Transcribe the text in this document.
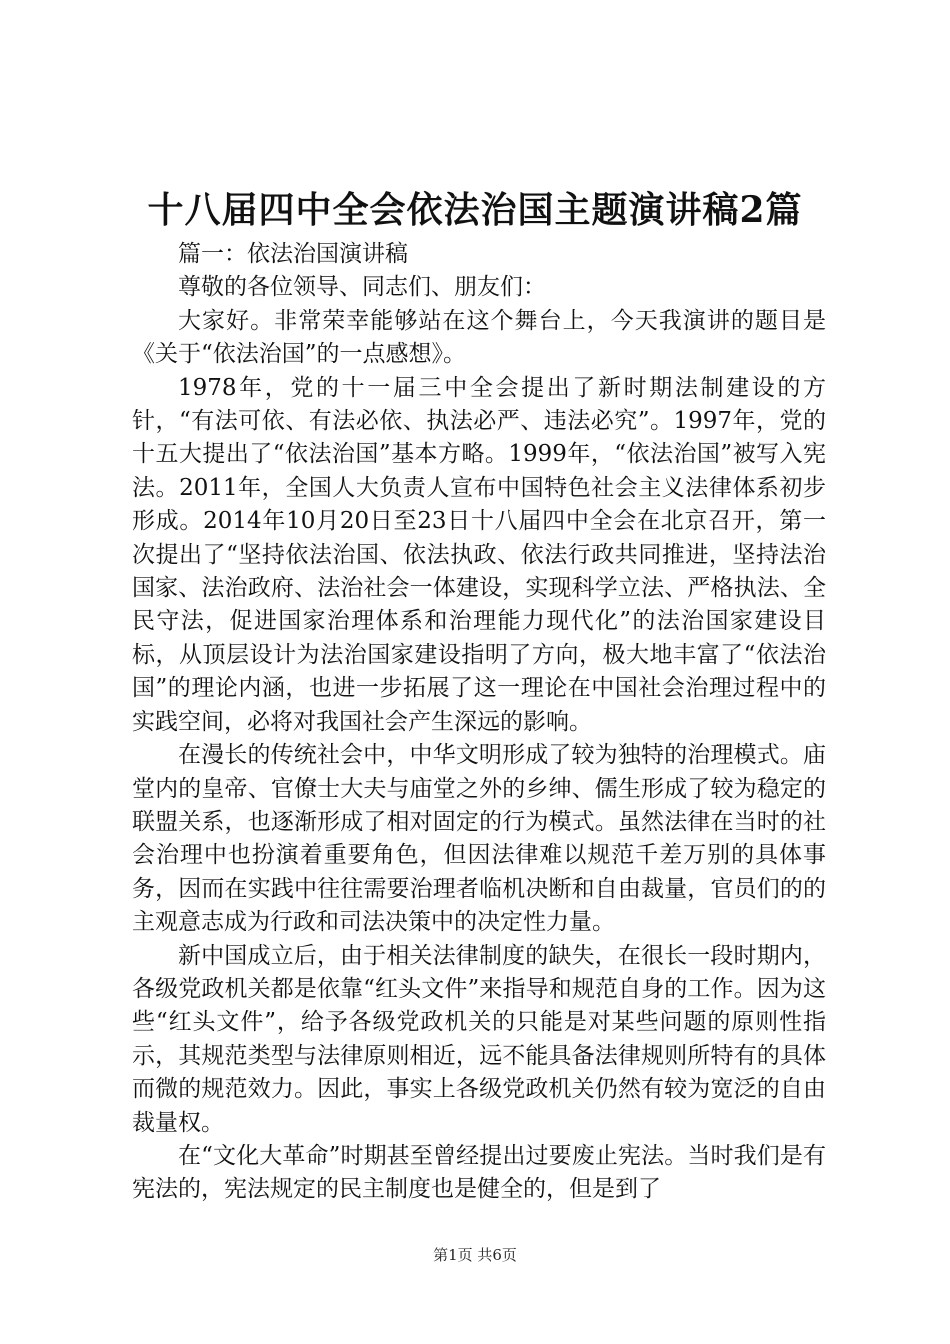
十八届四中全会依法治国主题演讲稿2篇

篇一：依法治国演讲稿

尊敬的各位领导、同志们、朋友们：

大家好。非常荣幸能够站在这个舞台上，今天我演讲的题目是《关于“依法治国”的一点感想》。

1978年，党的十一届三中全会提出了新时期法制建设的方针，“有法可依、有法必依、执法必严、违法必究”。1997年，党的十五大提出了“依法治国”基本方略。1999年，“依法治国”被写入宪法。2011年，全国人大负责人宣布中国特色社会主义法律体系初步形成。2014年10月20日至23日十八届四中全会在北京召开，第一次提出了“坚持依法治国、依法执政、依法行政共同推进，坚持法治国家、法治政府、法治社会一体建设，实现科学立法、严格执法、全民守法，促进国家治理体系和治理能力现代化”的法治国家建设目标，从顶层设计为法治国家建设指明了方向，极大地丰富了“依法治国”的理论内涵，也进一步拓展了这一理论在中国社会治理过程中的实践空间，必将对我国社会产生深远的影响。

在漫长的传统社会中，中华文明形成了较为独特的治理模式。庙堂内的皇帝、官僚士大夫与庙堂之外的乡绅、儒生形成了较为稳定的联盟关系，也逐渐形成了相对固定的行为模式。虽然法律在当时的社会治理中也扮演着重要角色，但因法律难以规范千差万别的具体事务，因而在实践中往往需要治理者临机决断和自由裁量，官员们的的主观意志成为行政和司法决策中的决定性力量。

新中国成立后，由于相关法律制度的缺失，在很长一段时期内，各级党政机关都是依靠“红头文件”来指导和规范自身的工作。因为这些“红头文件”，给予各级党政机关的只能是对某些问题的原则性指示，其规范类型与法律原则相近，远不能具备法律规则所特有的具体而微的规范效力。因此，事实上各级党政机关仍然有较为宽泛的自由裁量权。

在“文化大革命”时期甚至曾经提出过要废止宪法。当时我们是有宪法的，宪法规定的民主制度也是健全的，但是到了

第1页 共6页
